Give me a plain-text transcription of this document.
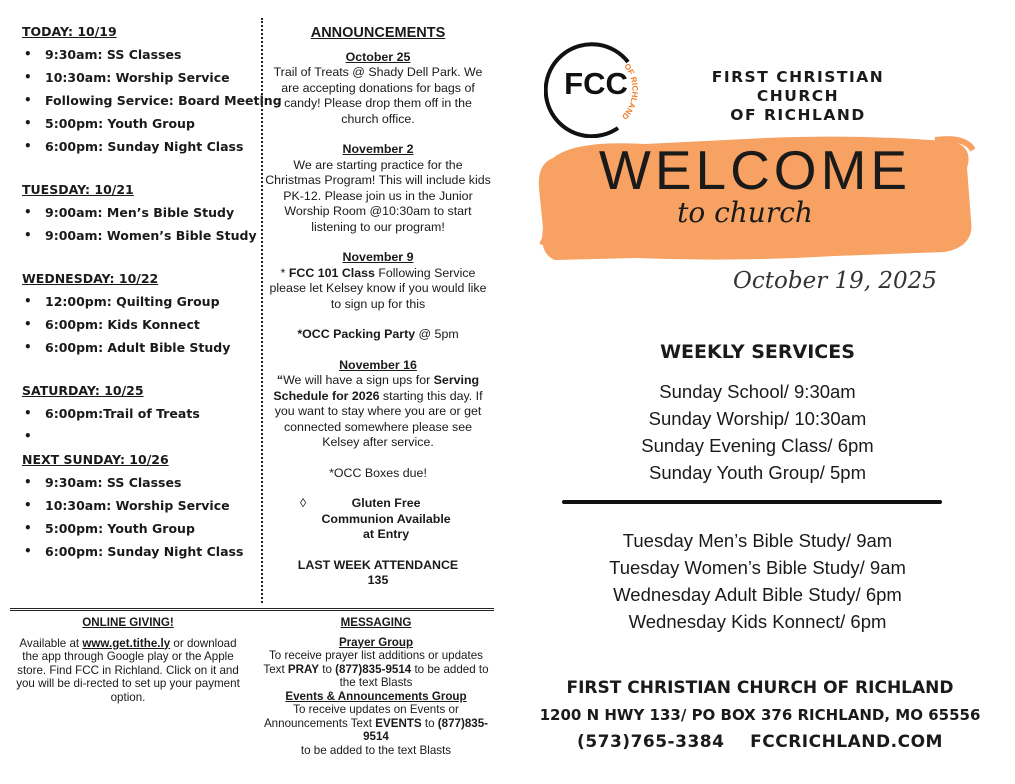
TODAY: 10/19
• 9:30am: SS Classes
• 10:30am: Worship Service
• Following Service: Board Meeting
• 5:00pm: Youth Group
• 6:00pm: Sunday Night Class
TUESDAY: 10/21
• 9:00am: Men’s Bible Study
• 9:00am: Women’s Bible Study
WEDNESDAY: 10/22
• 12:00pm: Quilting Group
• 6:00pm: Kids Konnect
• 6:00pm: Adult Bible Study
SATURDAY: 10/25
• 6:00pm:Trail of Treats
•
NEXT SUNDAY: 10/26
• 9:30am: SS Classes
• 10:30am: Worship Service
• 5:00pm: Youth Group
• 6:00pm: Sunday Night Class
ANNOUNCEMENTS
October 25
Trail of Treats @ Shady Dell Park. We are accepting donations for bags of candy! Please drop them off in the church office.
November 2
We are starting practice for the Christmas Program! This will include kids PK-12. Please join us in the Junior Worship Room @10:30am to start listening to our program!
November 9
* FCC 101 Class Following Service please let Kelsey know if you would like to sign up for this
*OCC Packing Party @ 5pm
November 16
“We will have a sign ups for Serving Schedule for 2026 starting this day. If you want to stay where you are or get connected somewhere please see Kelsey after service.
*OCC Boxes due!
◊	Gluten Free Communion Available at Entry
LAST WEEK ATTENDANCE
135
ONLINE GIVING!
Available at www.get.tithe.ly or download the app through Google play or the Apple store. Find FCC in Richland. Click on it and you will be di-rected to set up your payment option.
MESSAGING
Prayer Group
To receive prayer list additions or updates Text PRAY to (877)835-9514 to be added to the text Blasts
Events & Announcements Group
To receive updates on Events or Announcements Text EVENTS to (877)835-9514
to be added to the text Blasts
FCC
OF RICHLAND
FIRST CHRISTIAN CHURCH
OF RICHLAND
WELCOME
to church
October 19, 2025
WEEKLY SERVICES
Sunday School/ 9:30am
Sunday Worship/ 10:30am
Sunday Evening Class/ 6pm
Sunday Youth Group/ 5pm
Tuesday Men’s Bible Study/ 9am
Tuesday Women’s Bible Study/ 9am
Wednesday Adult Bible Study/ 6pm
Wednesday Kids Konnect/ 6pm
FIRST CHRISTIAN CHURCH OF RICHLAND
1200 N HWY 133/ PO BOX 376 RICHLAND, MO 65556
(573)765-3384 FCCRICHLAND.COM
